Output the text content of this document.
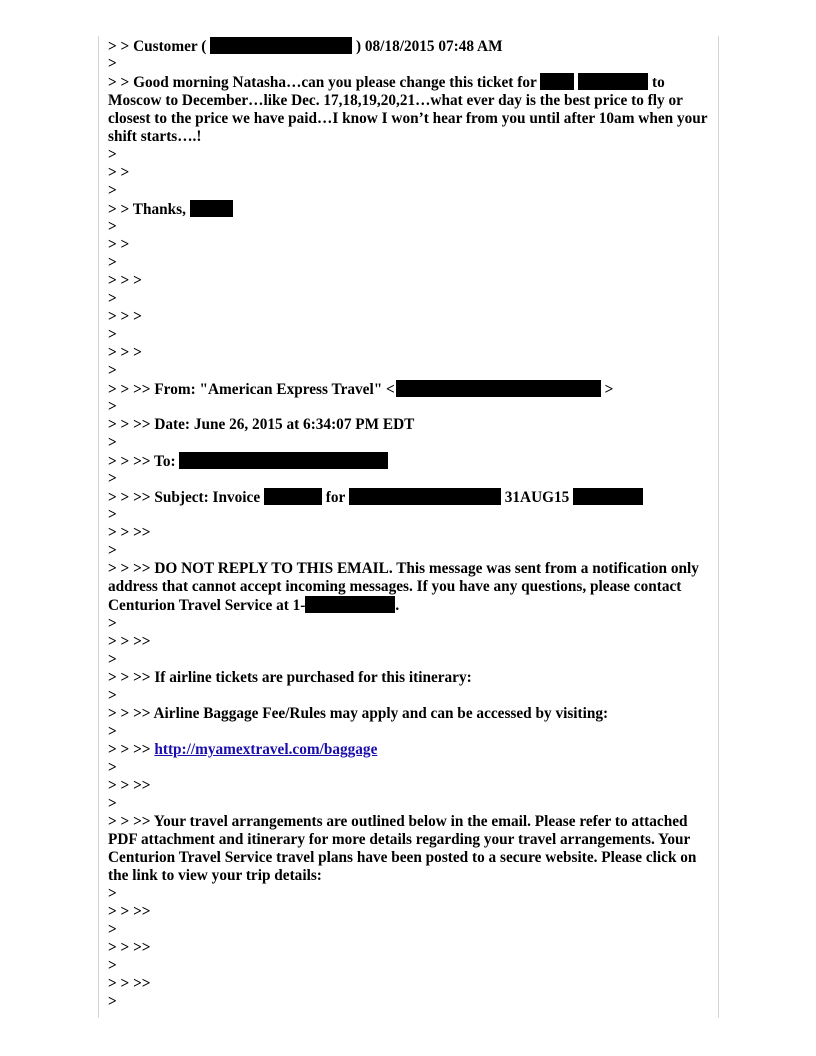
> > Customer (	) 08/18/2015 07:48 AM
>
> > Good morning Natasha…can you please change this ticket for	to Moscow to December…like Dec. 17,18,19,20,21…what ever day is the best price to fly or closest to the price we have paid…I know I won’t hear from you until after 10am when your shift starts….!
>
> >
>
> > Thanks,
>
> >
>
> > >
>
> > >
>
> > >
>
> > >> From: "American Express Travel" <	>
>
> > >> Date: June 26, 2015 at 6:34:07 PM EDT
>
> > >> To:
>
> > >> Subject: Invoice	for	31AUG15
>
> > >>
>
> > >> DO NOT REPLY TO THIS EMAIL. This message was sent from a notification only address that cannot accept incoming messages. If you have any questions, please contact Centurion Travel Service at 1-	.
>
> > >>
>
> > >> If airline tickets are purchased for this itinerary:
>
> > >> Airline Baggage Fee/Rules may apply and can be accessed by visiting:
>
> > >> http://myamextravel.com/baggage
>
> > >>
>
> > >> Your travel arrangements are outlined below in the email. Please refer to attached PDF attachment and itinerary for more details regarding your travel arrangements. Your Centurion Travel Service travel plans have been posted to a secure website. Please click on the link to view your trip details:
>
> > >>
>
> > >>
>
> > >>
>
